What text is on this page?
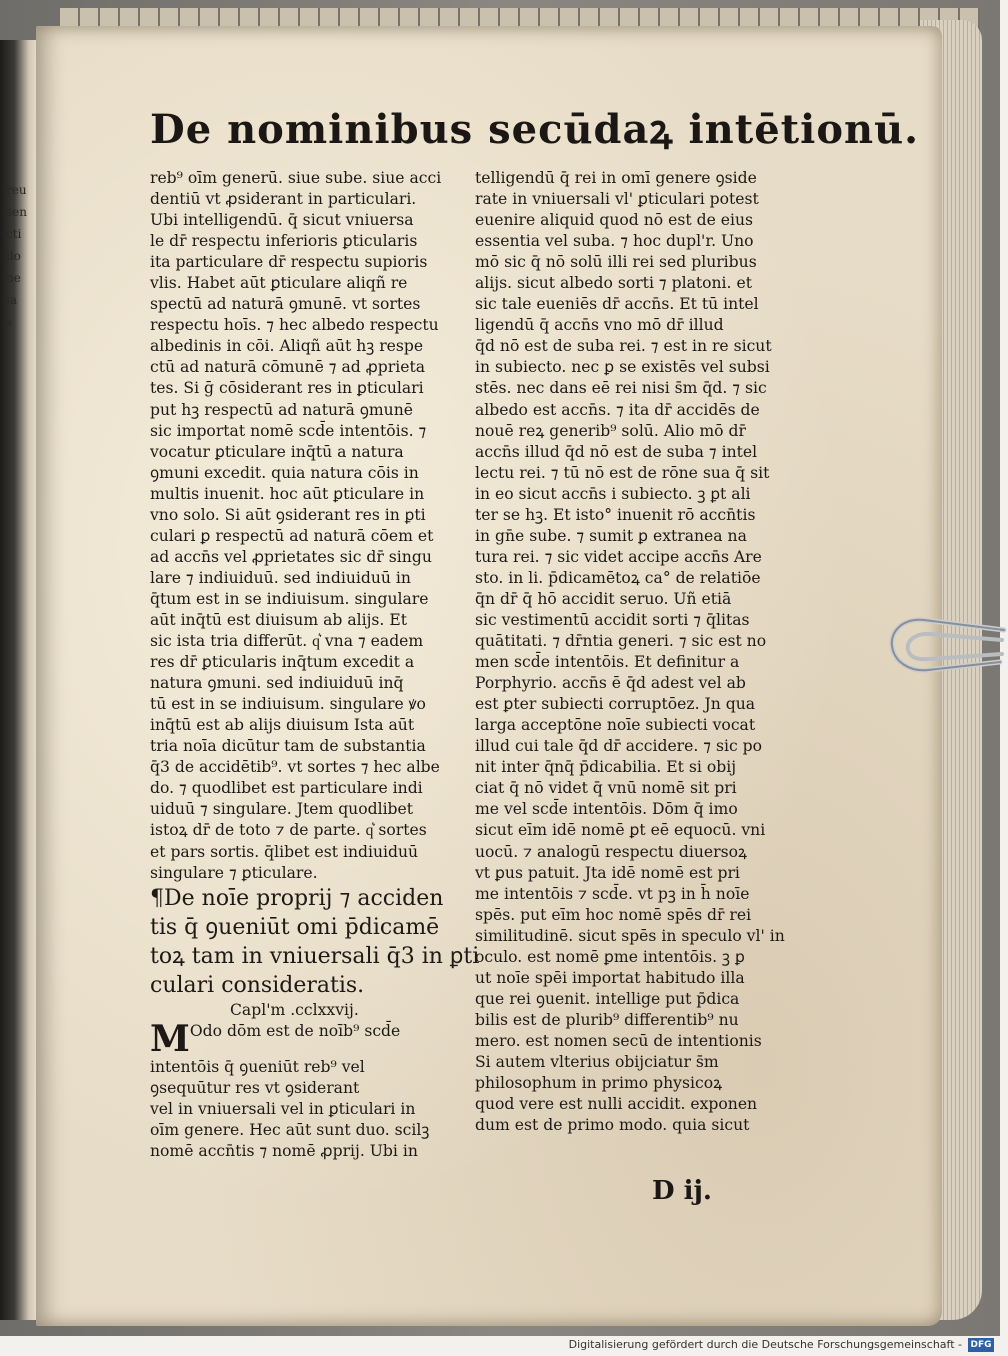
reu
sen
cti
ilo
ne
ia
s
De nominibus secūdaꝝ intētionū.
reb⁹ oīm generū. siue sube. siue acci
dentiū vt ꝓsiderant in particulari.
Ubi intelligendū. q̄ sicut vniuersa
le dr̄ respectu inferioris ꝑticularis
ita particulare dr̄ respectu supioris
vlis. Habet aūt ꝑticulare aliqñ re
spectū ad naturā ꝯmunē. vt sortes
respectu hoīs. ⁊ hec albedo respectu
albedinis in cōi. Aliqñ aūt hꝫ respe
ctū ad naturā cōmunē ⁊ ad ꝓprieta
tes. Si ḡ cōsiderant res in ꝑticulari
put hꝫ respectū ad naturā ꝯmunē
sic importat nomē scd̄e intentōis. ⁊
vocatur ꝑticulare inq̄tū a natura
ꝯmuni excedit. quia natura cōis in
multis inuenit. hoc aūt ꝑticulare in
vno solo. Si aūt ꝯsiderant res in ꝑti
culari ꝑ respectū ad naturā cōem et
ad accn̄s vel ꝓprietates sic dr̄ singu
lare ⁊ indiuiduū. sed indiuiduū in
q̄tum est in se indiuisum. singulare
aūt inq̄tū est diuisum ab alijs. Et
sic ista tria differūt. q͛ vna ⁊ eadem
res dr̄ ꝑticularis inq̄tum excedit a
natura ꝯmuni. sed indiuiduū inq̄
tū est in se indiuisum. singulare ꝟo
inq̄tū est ab alijs diuisum Ista aūt
tria noīa dicūtur tam de substantia
q̄3 de accidētib⁹. vt sortes ⁊ hec albe
do. ⁊ quodlibet est particulare indi
uiduū ⁊ singulare. Jtem quodlibet
istoꝝ dr̄ de toto ⁊ de parte. q͛ sortes
et pars sortis. q̄libet est indiuiduū
singulare ⁊ ꝑticulare.
¶De noīe proprij ⁊ acciden
tis q̄ ꝯueniūt omi p̄dicamē
toꝝ tam in vniuersali q̄3 in ꝑti
culari consideratis.
Capl'm .cclxxvij.
MOdo dōm est de noīb⁹ scd̄e
intentōis q̄ ꝯueniūt reb⁹ vel
ꝯsequūtur res vt ꝯsiderant
vel in vniuersali vel in ꝑticulari in
oīm genere. Hec aūt sunt duo. scilꝫ
nomē accn̄tis ⁊ nomē ꝓprij. Ubi in
telligendū q̄ rei in omī genere ꝯside
rate in vniuersali vl' ꝑticulari potest
euenire aliquid quod nō est de eius
essentia vel suba. ⁊ hoc dupl'r. Uno
mō sic q̄ nō solū illi rei sed pluribus
alijs. sicut albedo sorti ⁊ platoni. et
sic tale eueniēs dr̄ accn̄s. Et tū intel
ligendū q̄ accn̄s vno mō dr̄ illud
q̄d nō est de suba rei. ⁊ est in re sicut
in subiecto. nec ꝑ se existēs vel subsi
stēs. nec dans eē rei nisi s̄m q̄d. ⁊ sic
albedo est accn̄s. ⁊ ita dr̄ accidēs de
nouē reꝝ generib⁹ solū. Alio mō dr̄
accn̄s illud q̄d nō est de suba ⁊ intel
lectu rei. ⁊ tū nō est de rōne sua q̄ sit
in eo sicut accn̄s i subiecto. ꝫ ꝑt ali
ter se hꝫ. Et isto° inuenit rō accn̄tis
in gn̄e sube. ⁊ sumit ꝑ extranea na
tura rei. ⁊ sic videt accipe accn̄s Are
sto. in li. p̄dicamētoꝝ ca° de relatiōe
q̄n dr̄ q̄ hō accidit seruo. Uñ etiā
sic vestimentū accidit sorti ⁊ q̄litas
quātitati. ⁊ dr̄ntia generi. ⁊ sic est no
men scd̄e intentōis. Et definitur a
Porphyrio. accn̄s ē q̄d adest vel ab
est ꝑter subiecti corruptōez. Jn qua
larga acceptōne noīe subiecti vocat
illud cui tale q̄d dr̄ accidere. ⁊ sic po
nit inter q̄nq̄ p̄dicabilia. Et si obij
ciat q̄ nō videt q̄ vnū nomē sit pri
me vel scd̄e intentōis. Dōm q̄ imo
sicut eīm idē nomē ꝑt eē equocū. vni
uocū. ⁊ analogū respectu diuersoꝝ
vt ꝑus patuit. Jta idē nomē est pri
me intentōis ⁊ scd̄e. vt pꝫ in h̄ noīe
spēs. put eīm hoc nomē spēs dr̄ rei
similitudinē. sicut spēs in speculo vl' in
oculo. est nomē ꝑme intentōis. ꝫ ꝑ
ut noīe spēi importat habitudo illa
que rei ꝯuenit. intellige put p̄dica
bilis est de plurib⁹ differentib⁹ nu
mero. est nomen secū de intentionis
Si autem vlterius obijciatur s̄m
philosophum in primo physicoꝝ
quod vere est nulli accidit. exponen
dum est de primo modo. quia sicut
D ij.
Digitalisierung gefördert durch die Deutsche Forschungsgemeinschaft - DFG
